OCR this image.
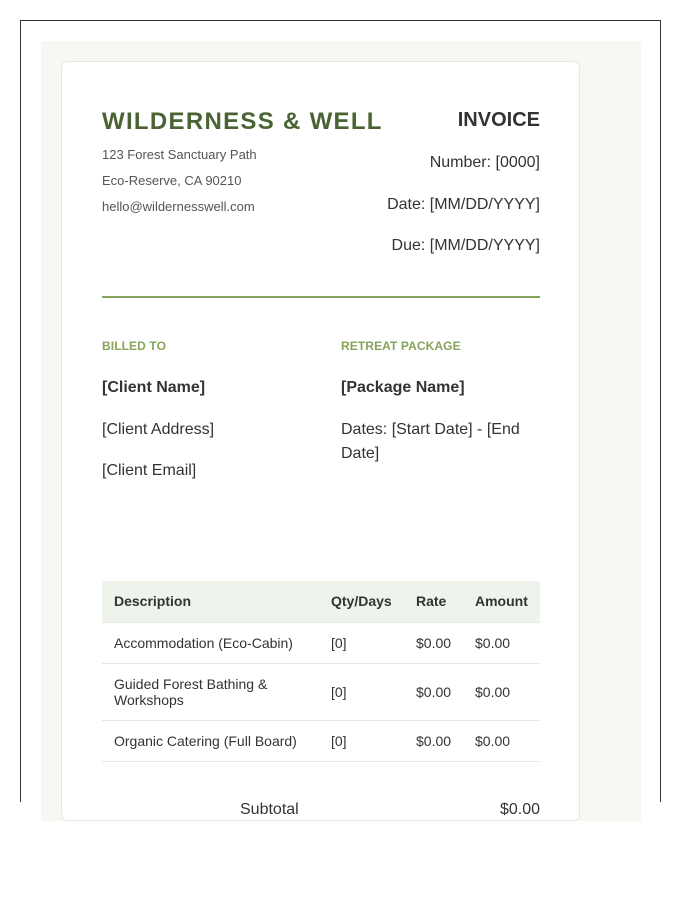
WILDERNESS & WELL
123 Forest Sanctuary Path
Eco-Reserve, CA 90210
hello@wildernesswell.com
INVOICE
Number: [0000]
Date: [MM/DD/YYYY]
Due: [MM/DD/YYYY]
BILLED TO
[Client Name]
[Client Address]
[Client Email]
RETREAT PACKAGE
[Package Name]
Dates: [Start Date] - [End Date]
Description	Qty/Days	Rate	Amount
Accommodation (Eco-Cabin)	[0]	$0.00	$0.00
Guided Forest Bathing & Workshops	[0]	$0.00	$0.00
Organic Catering (Full Board)	[0]	$0.00	$0.00
Subtotal	$0.00
